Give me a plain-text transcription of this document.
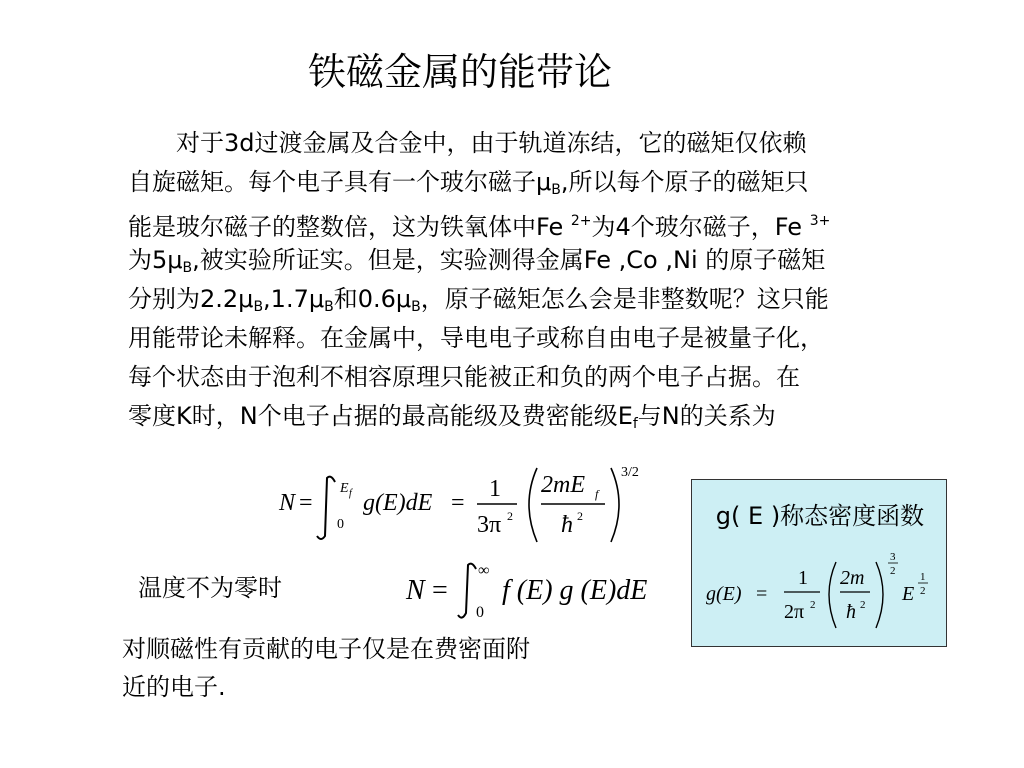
铁磁金属的能带论
对于3d过渡金属及合金中，由于轨道冻结，它的磁矩仅依赖
自旋磁矩。每个电子具有一个玻尔磁子$\mu_B$,所以每个原子的磁矩只
能是玻尔磁子的整数倍，这为铁氧体中Fe $^{2+}$为4个玻尔磁子，Fe $^{3+}$
为$5\mu_B$,被实验所证实。但是，实验测得金属Fe ,Co ,Ni 的原子磁矩
分别为$2.2\mu_B,1.7\mu_B$和$0.6\mu_B$，原子磁矩怎么会是非整数呢？这只能
用能带论未解释。在金属中，导电电子或称自由电子是被量子化，
每个状态由于泡利不相容原理只能被正和负的两个电子占据。在
零度K时，N个电子占据的最高能级及费密能级$E_f$与N的关系为
N =
E f
0
g(E)dE =
1
3π 2
2mE f
ħ 2
3/2
温度不为零时	N =
∞
0
f (E) g (E)dE
g( E )称态密度函数
g(E) =
1
2π 2
2m
ħ 2
3
2
E
1
2
对顺磁性有贡献的电子仅是在费密面附
近的电子.
